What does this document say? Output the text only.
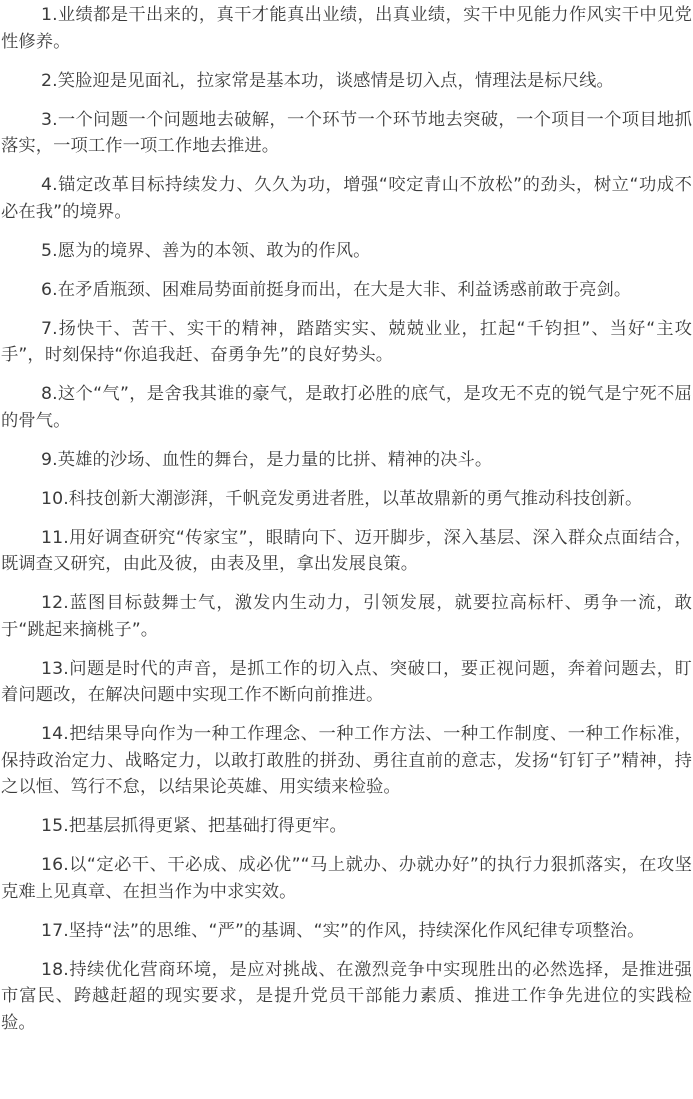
1.业绩都是干出来的，真干才能真出业绩，出真业绩，实干中见能力作风实干中见党性修养。

2.笑脸迎是见面礼，拉家常是基本功，谈感情是切入点，情理法是标尺线。

3.一个问题一个问题地去破解，一个环节一个环节地去突破，一个项目一个项目地抓落实，一项工作一项工作地去推进。

4.锚定改革目标持续发力、久久为功，增强“咬定青山不放松”的劲头，树立“功成不必在我”的境界。

5.愿为的境界、善为的本领、敢为的作风。

6.在矛盾瓶颈、困难局势面前挺身而出，在大是大非、利益诱惑前敢于亮剑。

7.扬快干、苦干、实干的精神，踏踏实实、兢兢业业，扛起“千钧担”、当好“主攻手”，时刻保持“你追我赶、奋勇争先”的良好势头。

8.这个“气”，是舍我其谁的豪气，是敢打必胜的底气，是攻无不克的锐气是宁死不屈的骨气。

9.英雄的沙场、血性的舞台，是力量的比拼、精神的决斗。

10.科技创新大潮澎湃，千帆竞发勇进者胜，以革故鼎新的勇气推动科技创新。

11.用好调查研究“传家宝”，眼睛向下、迈开脚步，深入基层、深入群众点面结合，既调查又研究，由此及彼，由表及里，拿出发展良策。

12.蓝图目标鼓舞士气，激发内生动力，引领发展，就要拉高标杆、勇争一流，敢于“跳起来摘桃子”。

13.问题是时代的声音，是抓工作的切入点、突破口，要正视问题，奔着问题去，盯着问题改，在解决问题中实现工作不断向前推进。

14.把结果导向作为一种工作理念、一种工作方法、一种工作制度、一种工作标准，保持政治定力、战略定力，以敢打敢胜的拼劲、勇往直前的意志，发扬“钉钉子”精神，持之以恒、笃行不怠，以结果论英雄、用实绩来检验。

15.把基层抓得更紧、把基础打得更牢。

16.以“定必干、干必成、成必优”“马上就办、办就办好”的执行力狠抓落实，在攻坚克难上见真章、在担当作为中求实效。

17.坚持“法”的思维、“严”的基调、“实”的作风，持续深化作风纪律专项整治。

18.持续优化营商环境，是应对挑战、在激烈竞争中实现胜出的必然选择，是推进强市富民、跨越赶超的现实要求，是提升党员干部能力素质、推进工作争先进位的实践检验。
